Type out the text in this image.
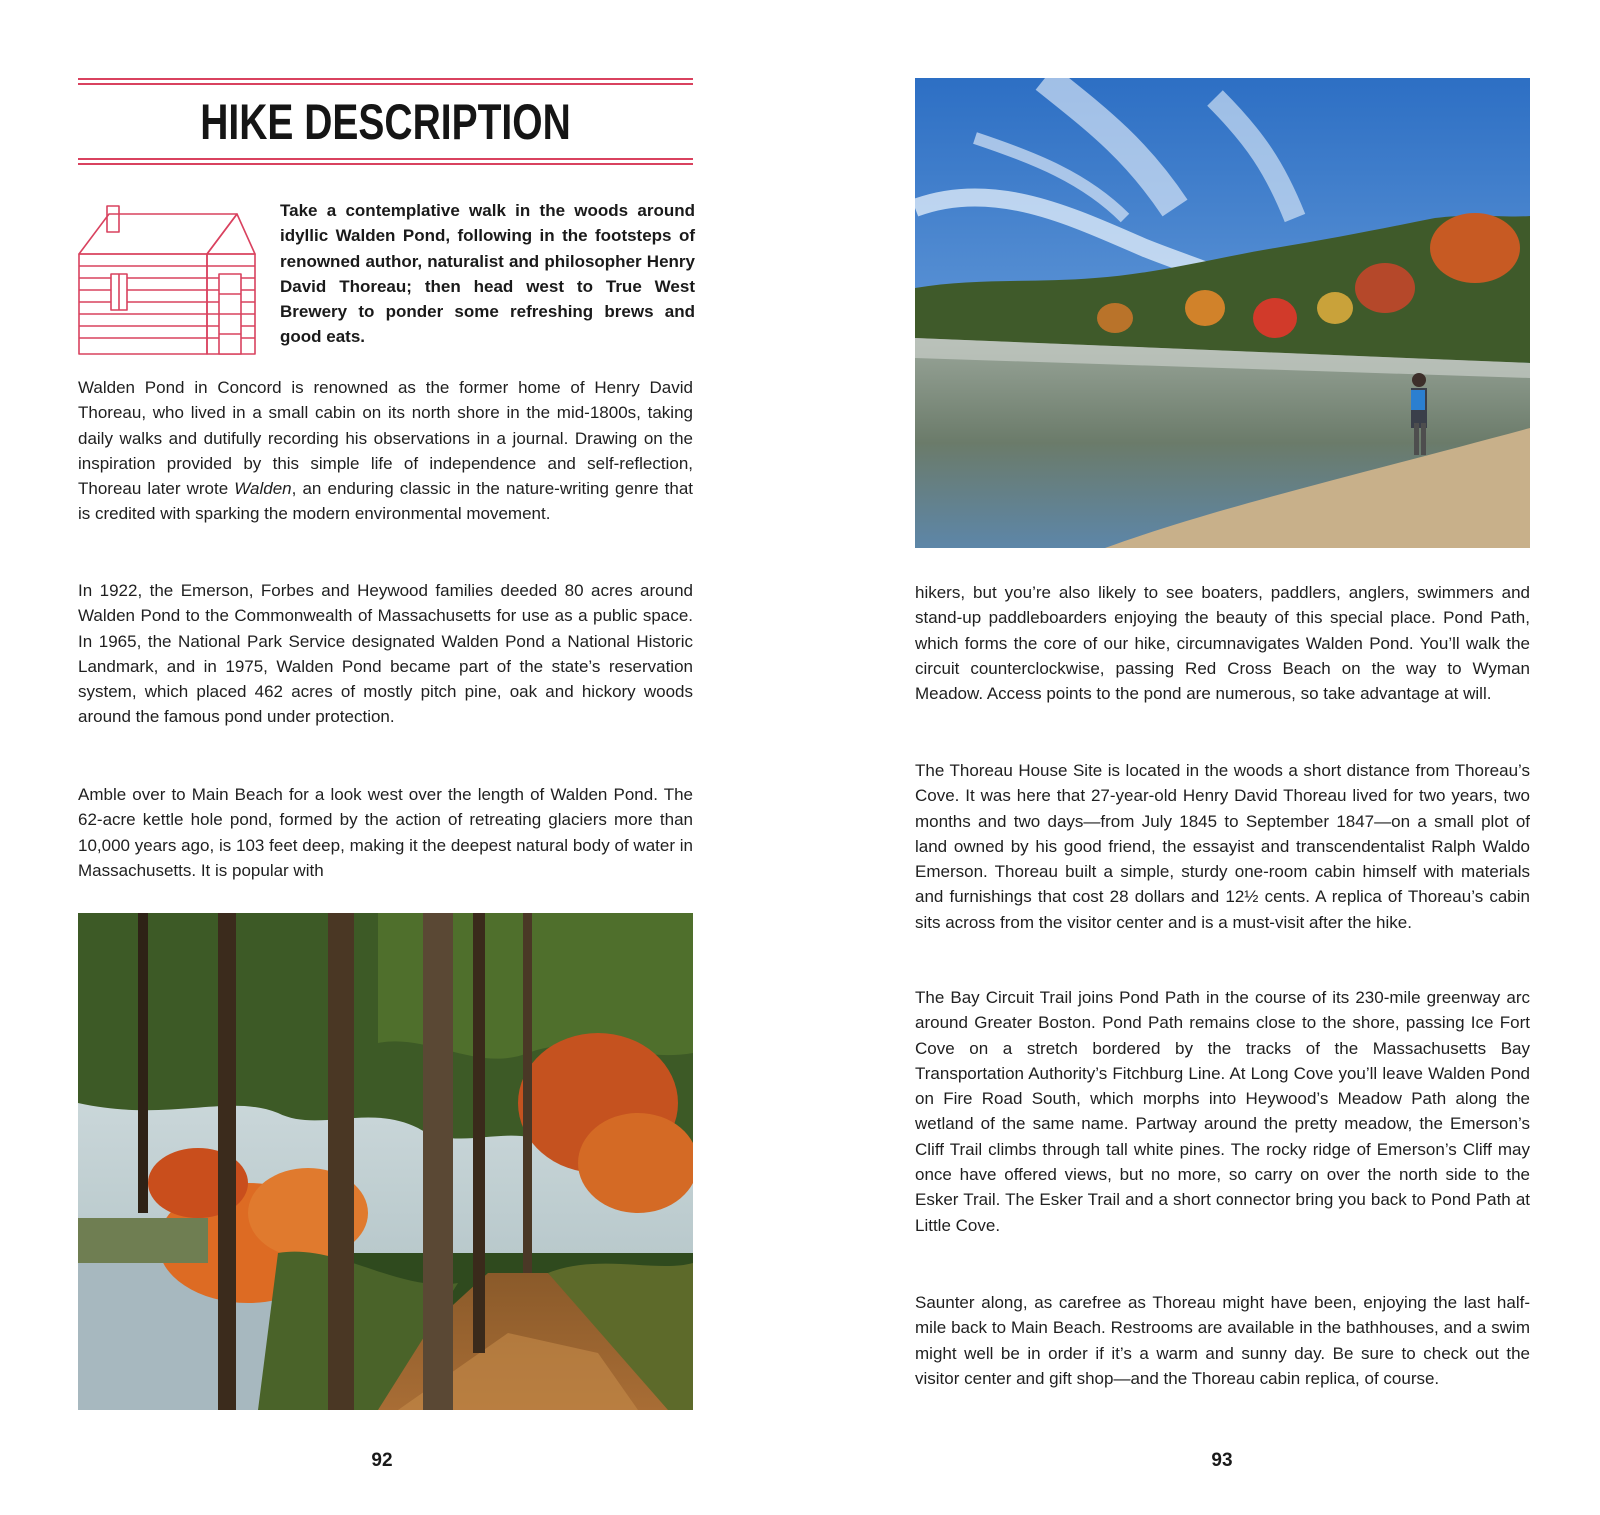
HIKE DESCRIPTION
Take a contemplative walk in the woods around idyllic Walden Pond, following in the footsteps of renowned author, naturalist and philosopher Henry David Thoreau; then head west to True West Brewery to ponder some refreshing brews and good eats.
Walden Pond in Concord is renowned as the former home of Henry David Thoreau, who lived in a small cabin on its north shore in the mid-1800s, taking daily walks and dutifully recording his observations in a journal. Drawing on the inspiration provided by this simple life of independence and self-reflection, Thoreau later wrote Walden, an enduring classic in the nature-writing genre that is credited with sparking the modern environmental movement.
In 1922, the Emerson, Forbes and Heywood families deeded 80 acres around Walden Pond to the Commonwealth of Massachusetts for use as a public space. In 1965, the National Park Service designated Walden Pond a National Historic Landmark, and in 1975, Walden Pond became part of the state’s reservation system, which placed 462 acres of mostly pitch pine, oak and hickory woods around the famous pond under protection.
Amble over to Main Beach for a look west over the length of Walden Pond. The 62-acre kettle hole pond, formed by the action of retreating glaciers more than 10,000 years ago, is 103 feet deep, making it the deepest natural body of water in Massachusetts. It is popular with
92
hikers, but you’re also likely to see boaters, paddlers, anglers, swimmers and stand-up paddleboarders enjoying the beauty of this special place. Pond Path, which forms the core of our hike, circumnavigates Walden Pond. You’ll walk the circuit counterclockwise, passing Red Cross Beach on the way to Wyman Meadow. Access points to the pond are numerous, so take advantage at will.
The Thoreau House Site is located in the woods a short distance from Thoreau’s Cove. It was here that 27-year-old Henry David Thoreau lived for two years, two months and two days—from July 1845 to September 1847—on a small plot of land owned by his good friend, the essayist and transcendentalist Ralph Waldo Emerson. Thoreau built a simple, sturdy one-room cabin himself with materials and furnishings that cost 28 dollars and 12½ cents. A replica of Thoreau’s cabin sits across from the visitor center and is a must-visit after the hike.
The Bay Circuit Trail joins Pond Path in the course of its 230-mile greenway arc around Greater Boston. Pond Path remains close to the shore, passing Ice Fort Cove on a stretch bordered by the tracks of the Massachusetts Bay Transportation Authority’s Fitchburg Line. At Long Cove you’ll leave Walden Pond on Fire Road South, which morphs into Heywood’s Meadow Path along the wetland of the same name. Partway around the pretty meadow, the Emerson’s Cliff Trail climbs through tall white pines. The rocky ridge of Emerson’s Cliff may once have offered views, but no more, so carry on over the north side to the Esker Trail. The Esker Trail and a short connector bring you back to Pond Path at Little Cove.
Saunter along, as carefree as Thoreau might have been, enjoying the last half-mile back to Main Beach. Restrooms are available in the bathhouses, and a swim might well be in order if it’s a warm and sunny day. Be sure to check out the visitor center and gift shop—and the Thoreau cabin replica, of course.
93
